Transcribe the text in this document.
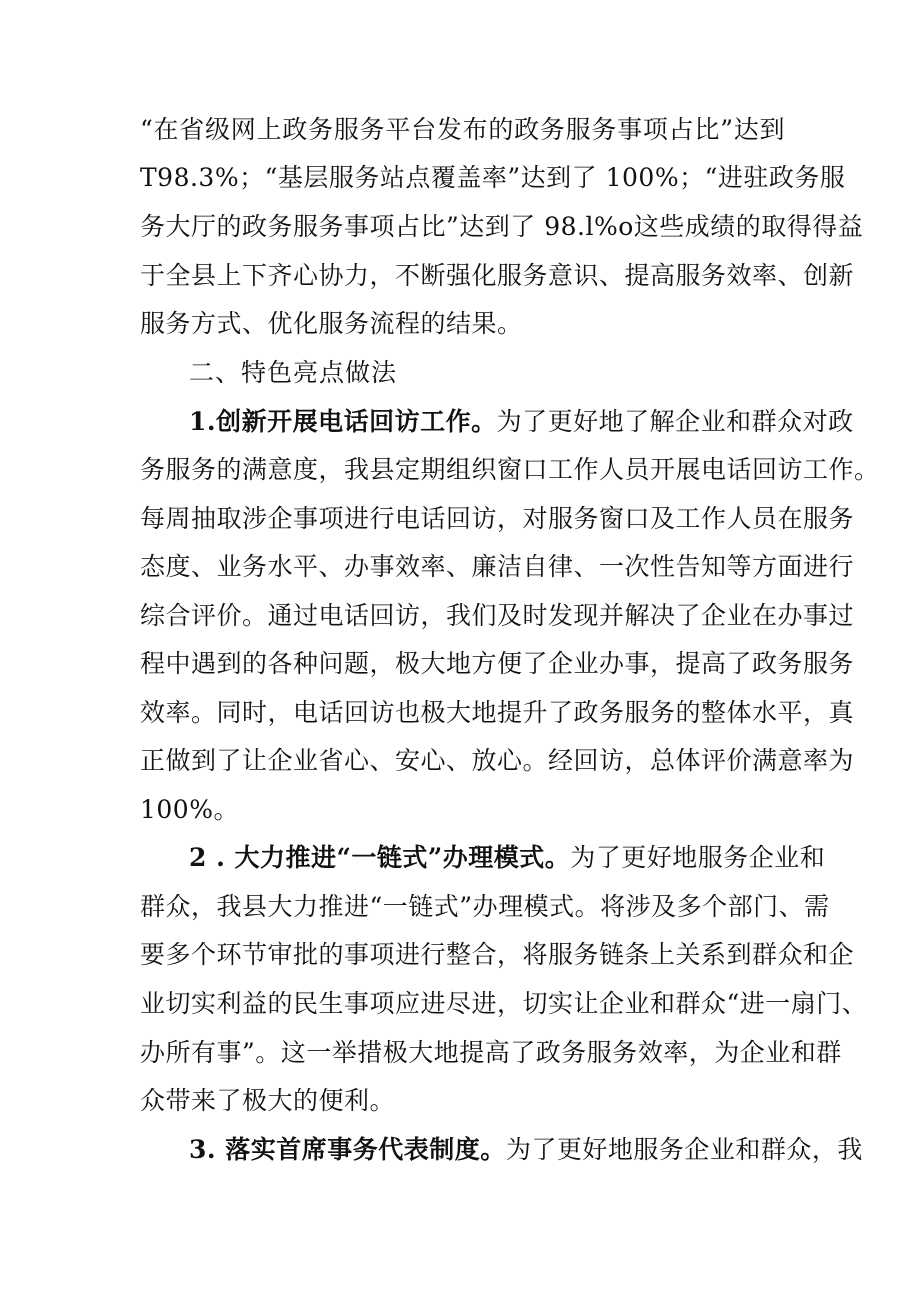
“在省级网上政务服务平台发布的政务服务事项占比”达到
T98.3%；“基层服务站点覆盖率”达到了 100%；“进驻政务服
务大厅的政务服务事项占比”达到了 98.l%o这些成绩的取得得益
于全县上下齐心协力，不断强化服务意识、提高服务效率、创新
服务方式、优化服务流程的结果。
二、特色亮点做法
1.创新开展电话回访工作。为了更好地了解企业和群众对政
务服务的满意度，我县定期组织窗口工作人员开展电话回访工作。
每周抽取涉企事项进行电话回访，对服务窗口及工作人员在服务
态度、业务水平、办事效率、廉洁自律、一次性告知等方面进行
综合评价。通过电话回访，我们及时发现并解决了企业在办事过
程中遇到的各种问题，极大地方便了企业办事，提高了政务服务
效率。同时，电话回访也极大地提升了政务服务的整体水平，真
正做到了让企业省心、安心、放心。经回访，总体评价满意率为
100%。
2 . 大力推进“一链式”办理模式。为了更好地服务企业和
群众，我县大力推进“一链式”办理模式。将涉及多个部门、需
要多个环节审批的事项进行整合，将服务链条上关系到群众和企
业切实利益的民生事项应进尽进，切实让企业和群众“进一扇门、
办所有事”。这一举措极大地提高了政务服务效率，为企业和群
众带来了极大的便利。
3. 落实首席事务代表制度。为了更好地服务企业和群众，我
